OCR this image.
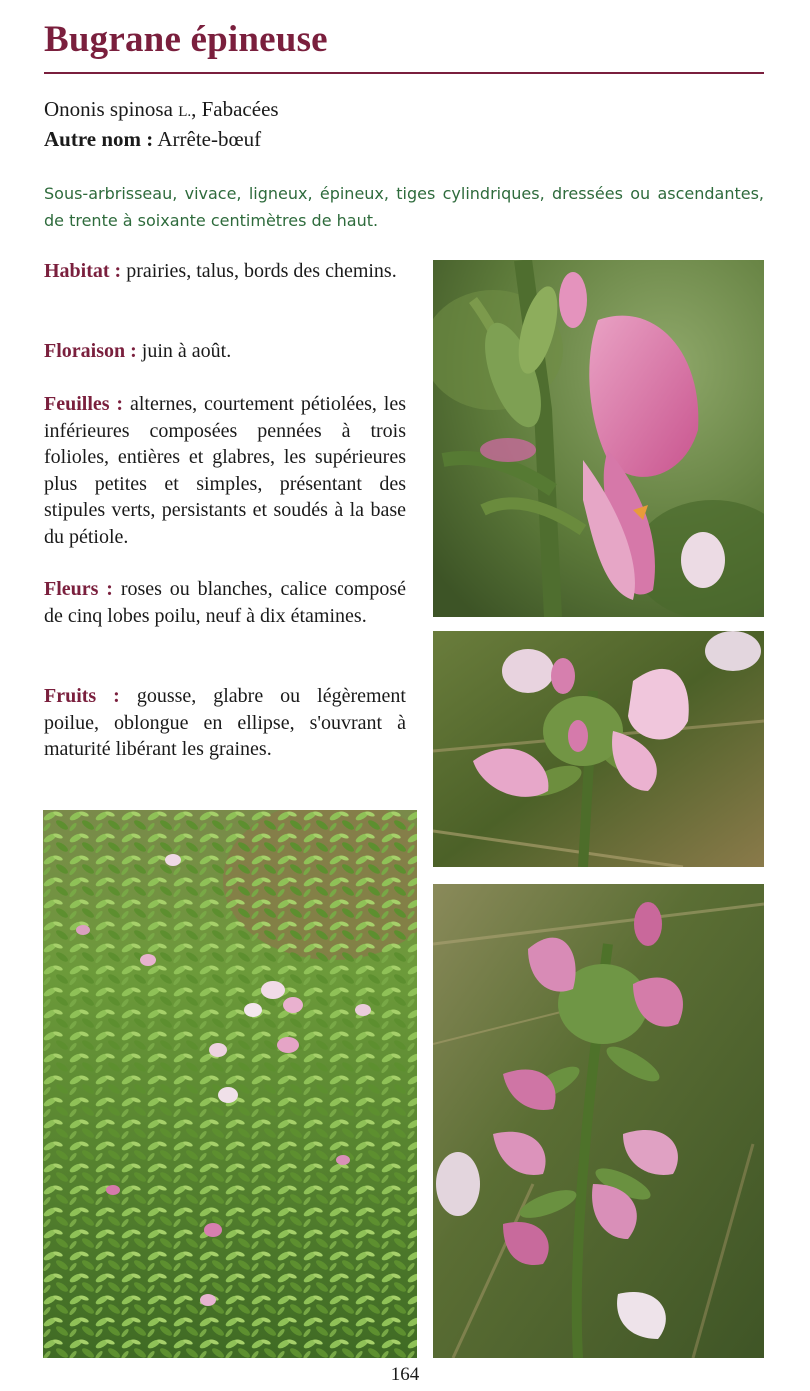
Bugrane épineuse
Ononis spinosa L., Fabacées
Autre nom : Arrête-bœuf

Sous-arbrisseau, vivace, ligneux, épineux, tiges cylindriques, dressées ou ascendantes, de trente à soixante centimètres de haut.

Habitat : prairies, talus, bords des chemins.

Floraison : juin à août.

Feuilles : alternes, courtement pétiolées, les inférieures composées pennées à trois folioles, entières et glabres, les supérieures plus petites et simples, présentant des stipules verts, persistants et soudés à la base du pétiole.

Fleurs : roses ou blanches, calice composé de cinq lobes poilu, neuf à dix étamines.

Fruits : gousse, glabre ou légèrement poilue, oblongue en ellipse, s'ouvrant à maturité libérant les graines.

164
